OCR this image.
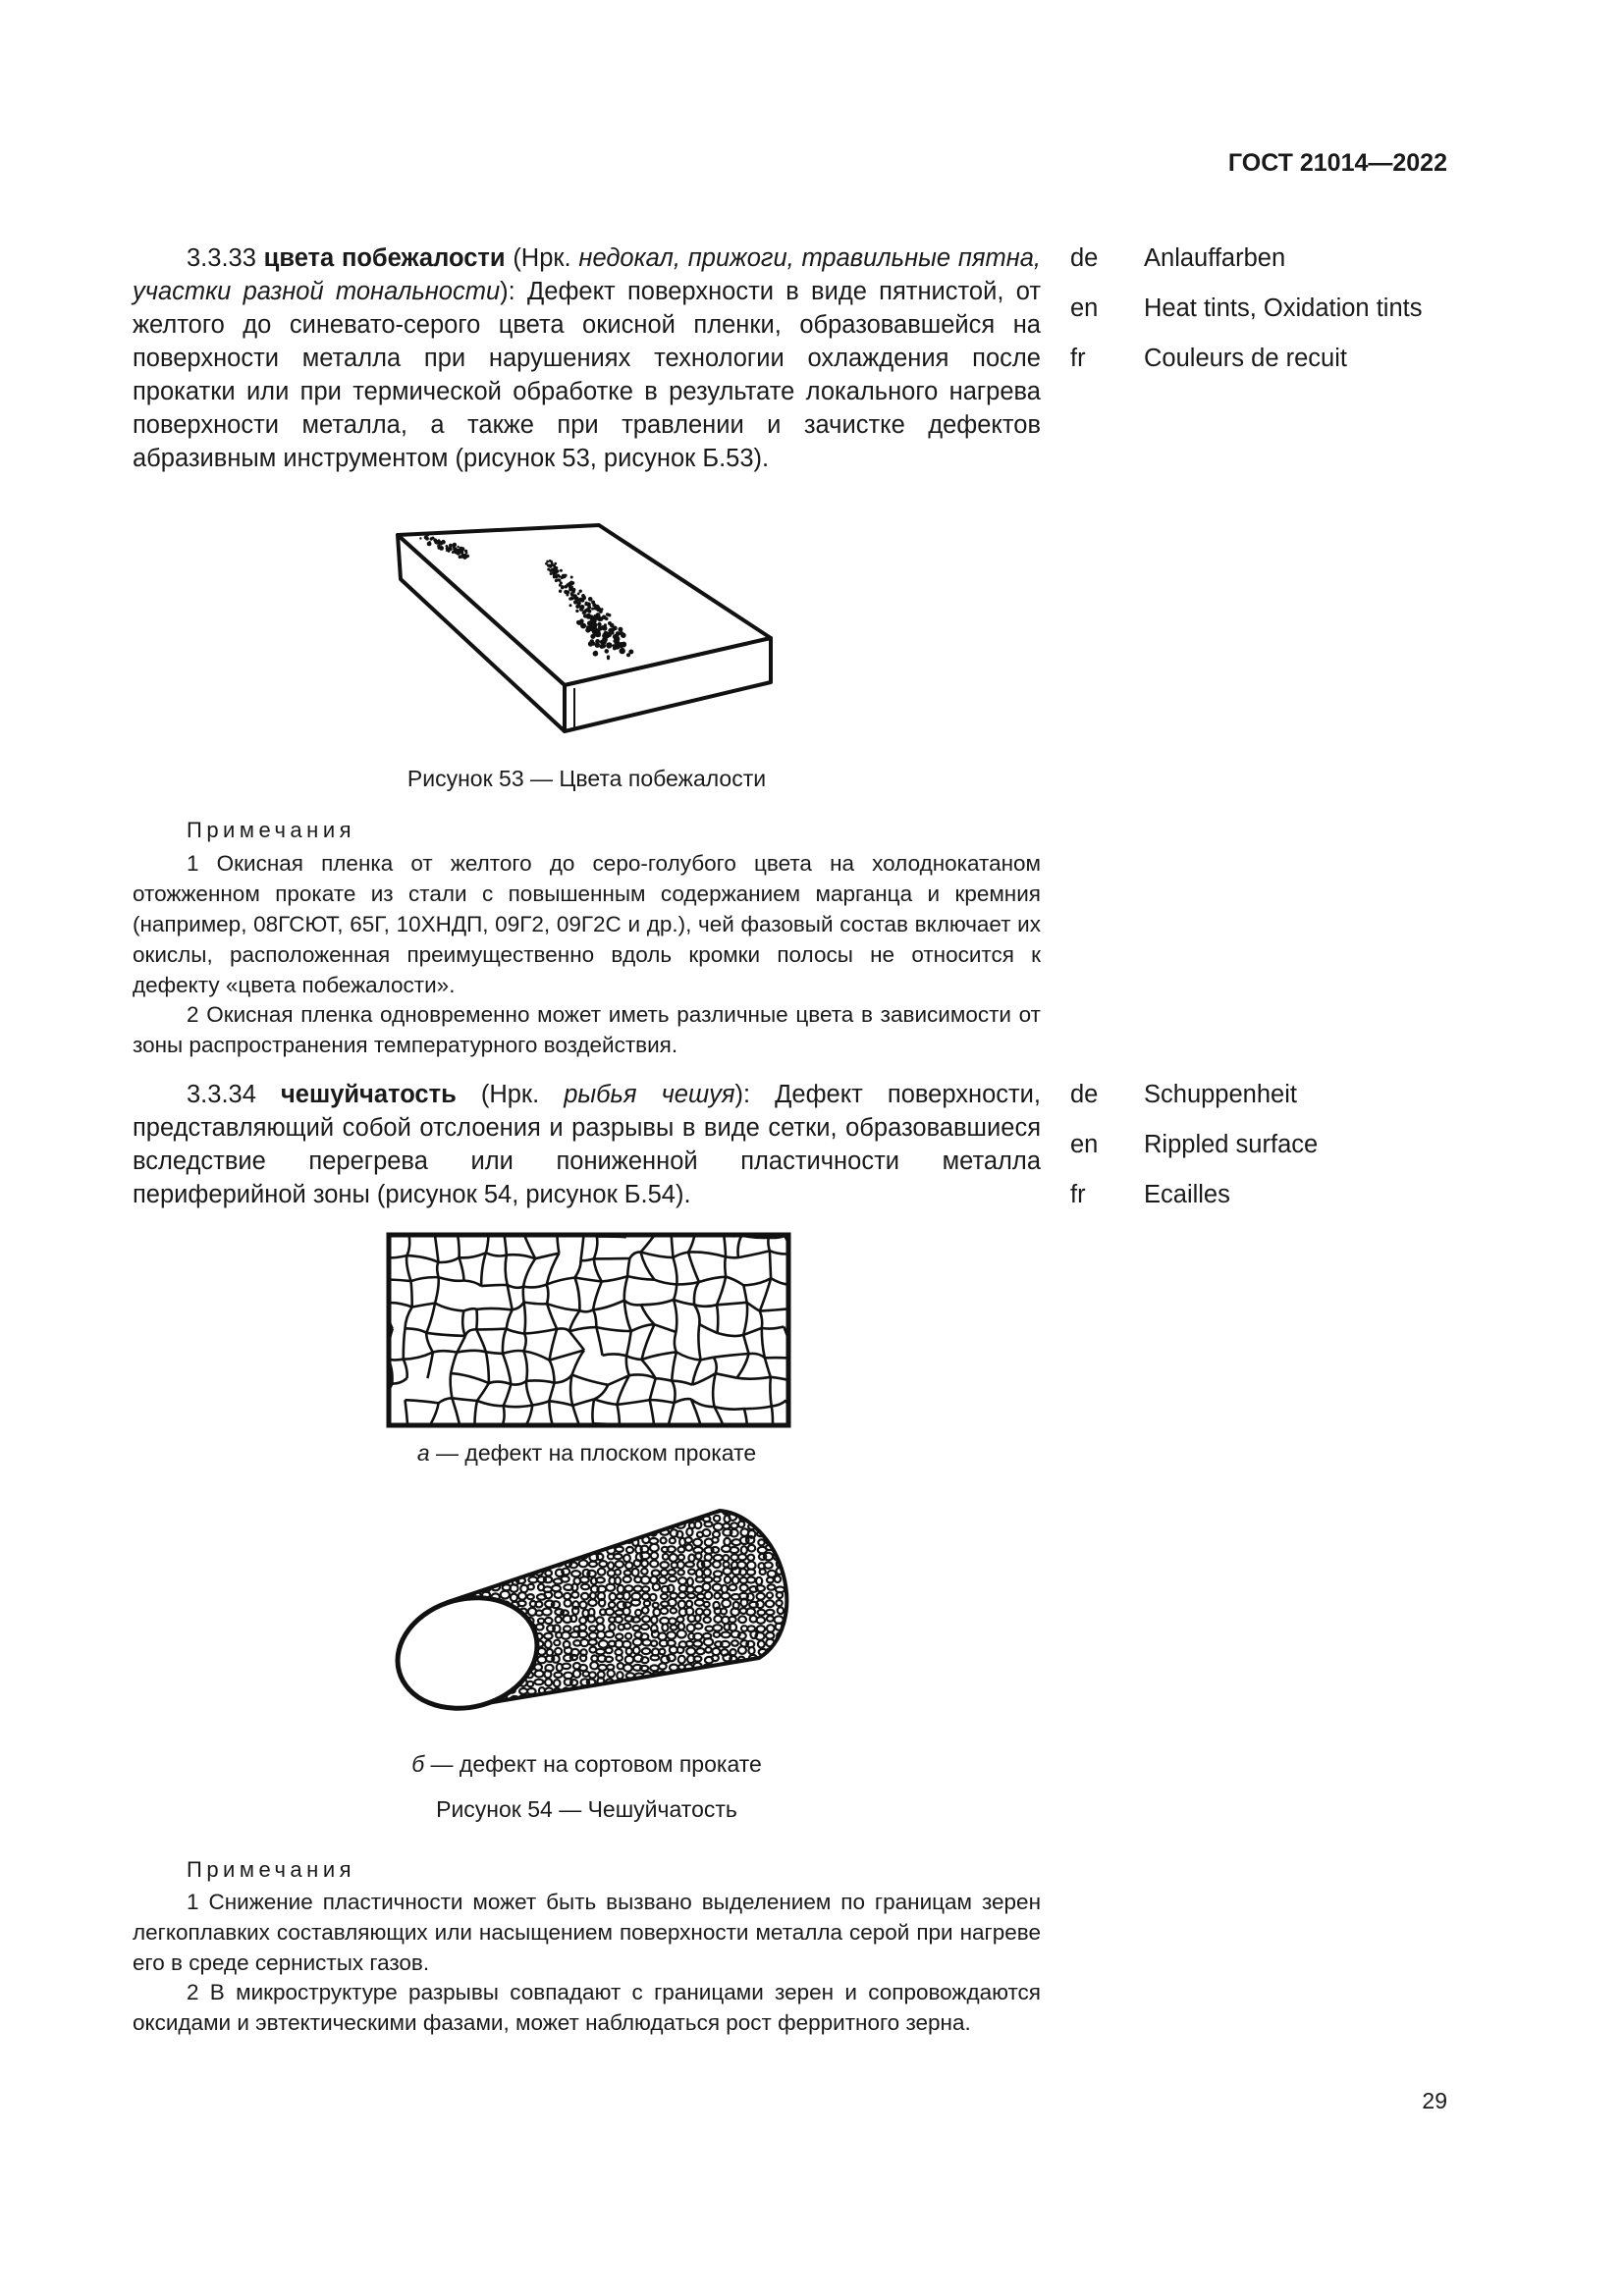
ГОСТ 21014—2022

3.3.33 цвета побежалости (Нрк. недокал, прижоги, травильные пятна, участки разной тональности): Дефект поверхности в виде пятнистой, от желтого до синевато-серого цвета окисной пленки, образовавшейся на поверхности металла при нарушениях технологии охлаждения после прокатки или при термической обработке в результате локального нагрева поверхности металла, а также при травлении и зачистке дефектов абразивным инструментом (рисунок 53, рисунок Б.53).

de	Anlauffarben
en	Heat tints, Oxidation tints
fr	Couleurs de recuit
Рисунок 53 — Цвета побежалости
Примечания

1 Окисная пленка от желтого до серо-голубого цвета на холоднокатаном отожженном прокате из стали с повышенным содержанием марганца и кремния (например, 08ГСЮТ, 65Г, 10ХНДП, 09Г2, 09Г2С и др.), чей фазовый состав включает их окислы, расположенная преимущественно вдоль кромки полосы не относится к дефекту «цвета побежалости».

2 Окисная пленка одновременно может иметь различные цвета в зависимости от зоны распространения температурного воздействия.

3.3.34 чешуйчатость (Нрк. рыбья чешуя): Дефект поверхности, представляющий собой отслоения и разрывы в виде сетки, образовавшиеся вследствие перегрева или пониженной пластичности металла периферийной зоны (рисунок 54, рисунок Б.54).

de	Schuppenheit
en	Rippled surface
fr	Ecailles
а — дефект на плоском прокате
б — дефект на сортовом прокате
Рисунок 54 — Чешуйчатость
Примечания

1 Снижение пластичности может быть вызвано выделением по границам зерен легкоплавких составляющих или насыщением поверхности металла серой при нагреве его в среде сернистых газов.

2 В микроструктуре разрывы совпадают с границами зерен и сопровождаются оксидами и эвтектическими фазами, может наблюдаться рост ферритного зерна.

29
